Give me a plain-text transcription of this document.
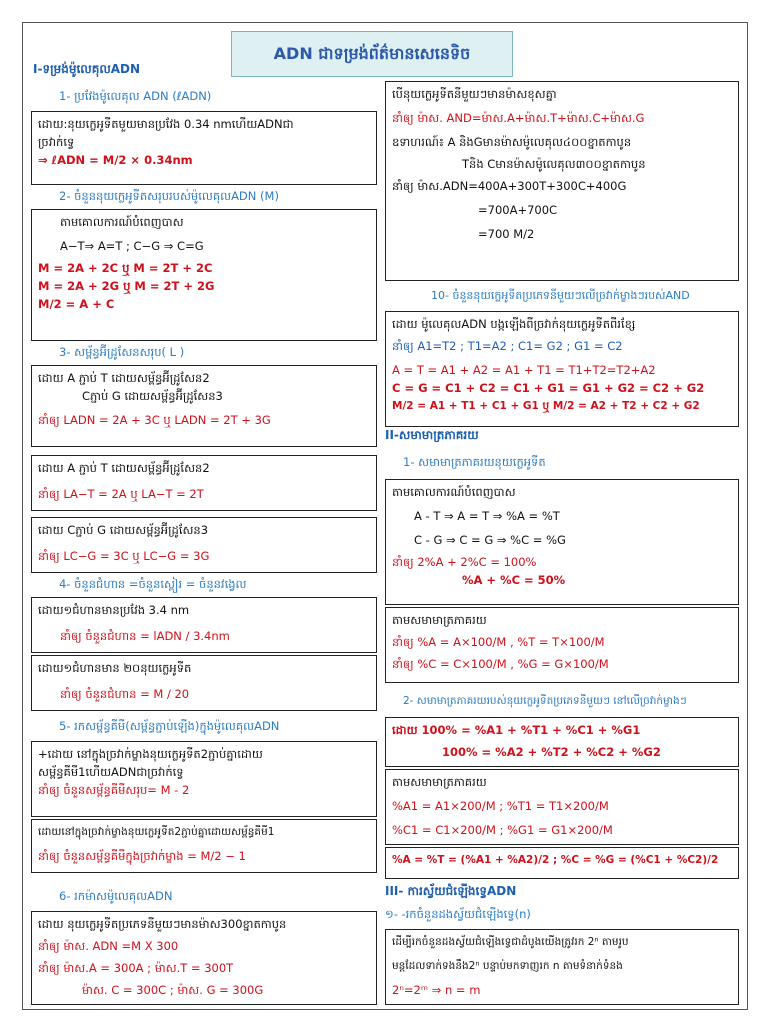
ADN ជាទម្រង់ព័ត៌មានសេនេទិច
I-ទម្រង់ម៉ូលេគុលADN
1- ប្រវែងម៉ូលេគុល ADN (ℓADN)
ដោយ:នុយក្លេអូទីតមួយមានប្រវែង 0.34 nmហើយADNជា
ច្រវាក់ទ្វេ
⇒ ℓADN = M/2 × 0.34nm
2- ចំនួននុយក្លេអូទីតសរុបរបស់ម៉ូលេគុលADN (M)
តាមគោលការណ៍បំពេញបាស
A−T⇒ A=T ; C−G ⇒ C=G
M = 2A + 2C ឬ M = 2T + 2C
M = 2A + 2G ឬ M = 2T + 2G
M/2 = A + C
3- សម្ព័ន្ធអ៊ីដ្រូសែនសរុប( L )
ដោយ A ភ្ជាប់ T ដោយសម្ព័ន្ធអ៊ីដ្រូសែន2
Cភ្ជាប់ G ដោយសម្ព័ន្ធអ៊ីដ្រូសែន3
នាំឲ្យ LADN = 2A + 3C ឬ LADN = 2T + 3G
ដោយ A ភ្ជាប់ T ដោយសម្ព័ន្ធអ៊ីដ្រូសែន2
នាំឲ្យ LA−T = 2A ឬ LA−T = 2T
ដោយ Cភ្ជាប់ G ដោយសម្ព័ន្ធអ៊ីដ្រូសែន3
នាំឲ្យ LC−G = 3C ឬ LC−G = 3G
4- ចំនួនជំហាន =ចំនួនស្ពៀរ = ចំនួនវង្វេល
ដោយ១ជំហានមានប្រវែង 3.4 nm
នាំឲ្យ ចំនួនជំហាន = lADN / 3.4nm
ដោយ១ជំហានមាន ២០នុយក្លេអូទីត
នាំឲ្យ ចំនួនជំហាន = M / 20
5- រកសម្ព័ន្ធគីមី(សម្ព័ន្ធភ្ជាប់ឡើង)ក្នុងម៉ូលេគុលADN
+ដោយ នៅក្នុងច្រវាក់ម្ខាងនុយក្លេអូទីត2ភ្ជាប់គ្នាដោយ
សម្ព័ន្ធគីមី1ហើយADNជាច្រវាក់ទ្វេ
នាំឲ្យ ចំនួនសម្ព័ន្ធគីមីសរុប= M - 2
ដោយនៅក្នុងច្រវាក់ម្ខាងនុយក្លេអូទីត2ភ្ជាប់គ្នាដោយសម្ព័ន្ធគីមី1
នាំឲ្យ ចំនួនសម្ព័ន្ធគីមីក្នុងច្រវាក់ម្ខាង = M/2 − 1
6- រកម៉ាសម៉ូលេគុលADN
ដោយ នុយក្លេអូទីតប្រភេទនីមួយៗមានម៉ាស300ខ្នាតកាបូន
នាំឲ្យ ម៉ាស. ADN =M X 300
នាំឲ្យ ម៉ាស.A = 300A ; ម៉ាស.T = 300T
ម៉ាស. C = 300C ; ម៉ាស. G = 300G
បើនុយក្លេអូទីតនីមួយៗមានម៉ាសខុសគ្នា
នាំឲ្យ ម៉ាស. AND=ម៉ាស.A+ម៉ាស.T+ម៉ាស.C+ម៉ាស.G
ឧទាហរណ៍៖ A និងGមានម៉ាសម៉ូលេគុល៤០០ខ្នាតកាបូន
Tនិង Cមានម៉ាសម៉ូលេគុល៣០០ខ្នាតកាបូន
នាំឲ្យ ម៉ាស.ADN=400A+300T+300C+400G
=700A+700C
=700 M/2
10- ចំនួននុយក្លេអូទីតប្រភេទនីមួយៗលើច្រវាក់ម្ខាងៗរបស់AND
ដោយ ម៉ូលេគុលADN បង្កឡើងពីច្រវាក់នុយក្លេអូទីតពីរខ្សែ
នាំឲ្យ A1=T2 ; T1=A2 ; C1= G2 ; G1 = C2
A = T = A1 + A2 = A1 + T1 = T1+T2=T2+A2
C = G = C1 + C2 = C1 + G1 = G1 + G2 = C2 + G2
M/2 = A1 + T1 + C1 + G1 ឬ M/2 = A2 + T2 + C2 + G2
II-សមាមាត្រភាគរយ
1- សមាមាត្រភាគរយនុយក្លេអូទីត
តាមគោលការណ៍បំពេញបាស
A - T ⇒ A = T ⇒ %A = %T
C - G ⇒ C = G ⇒ %C = %G
នាំឲ្យ 2%A + 2%C = 100%
%A + %C = 50%
តាមសមាមាត្រភាគរយ
នាំឲ្យ %A = A×100/M , %T = T×100/M
នាំឲ្យ %C = C×100/M , %G = G×100/M
2- សមាមាត្រភាគរយរបស់នុយក្លេអូទីតប្រភេទនីមួយៗ នៅលើច្រវាក់ម្ខាងៗ
ដោយ 100% = %A1 + %T1 + %C1 + %G1
100% = %A2 + %T2 + %C2 + %G2
តាមសមាមាត្រភាគរយ
%A1 = A1×200/M ; %T1 = T1×200/M
%C1 = C1×200/M ; %G1 = G1×200/M
%A = %T = (%A1 + %A2)/2 ; %C = %G = (%C1 + %C2)/2
III- ការស្វ័យជំឡើងទ្វេADN
១- -រកចំនួនដងស្វ័យជំឡើងទ្វេ(n)
ដើម្បីរកចំនួនដងស្វ័យជំឡើងទ្វេជាដំបូងយើងត្រូវរក 2ⁿ តាមរូប
មន្តដែលទាក់ទងនឹង2ⁿ បន្ទាប់មកទាញរក n តាមទំនាក់ទំនង
2ⁿ=2ᵐ ⇒ n = m
